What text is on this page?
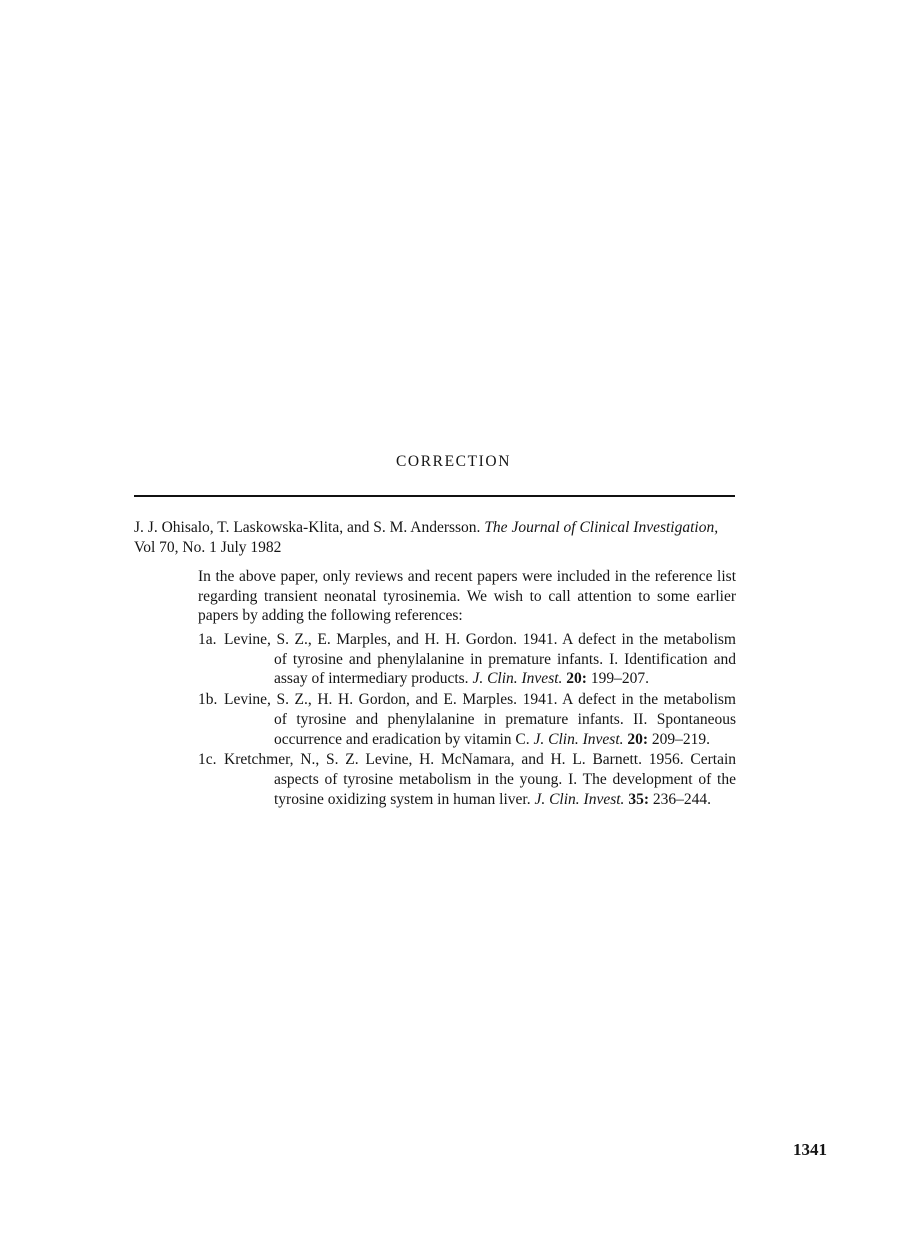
CORRECTION
J. J. Ohisalo, T. Laskowska-Klita, and S. M. Andersson. The Journal of Clinical Investigation,
Vol 70, No. 1 July 1982
In the above paper, only reviews and recent papers were included in the reference list regarding transient neonatal tyrosinemia. We wish to call attention to some earlier papers by adding the following references:
1a. Levine, S. Z., E. Marples, and H. H. Gordon. 1941. A defect in the metabolism
of tyrosine and phenylalanine in premature infants. I. Identification and assay of intermediary products. J. Clin. Invest. 20: 199–207.
1b. Levine, S. Z., H. H. Gordon, and E. Marples. 1941. A defect in the metabolism
of tyrosine and phenylalanine in premature infants. II. Spontaneous occurrence and eradication by vitamin C. J. Clin. Invest. 20: 209–219.
1c. Kretchmer, N., S. Z. Levine, H. McNamara, and H. L. Barnett. 1956. Certain
aspects of tyrosine metabolism in the young. I. The development of the tyrosine oxidizing system in human liver. J. Clin. Invest. 35: 236–244.
1341
